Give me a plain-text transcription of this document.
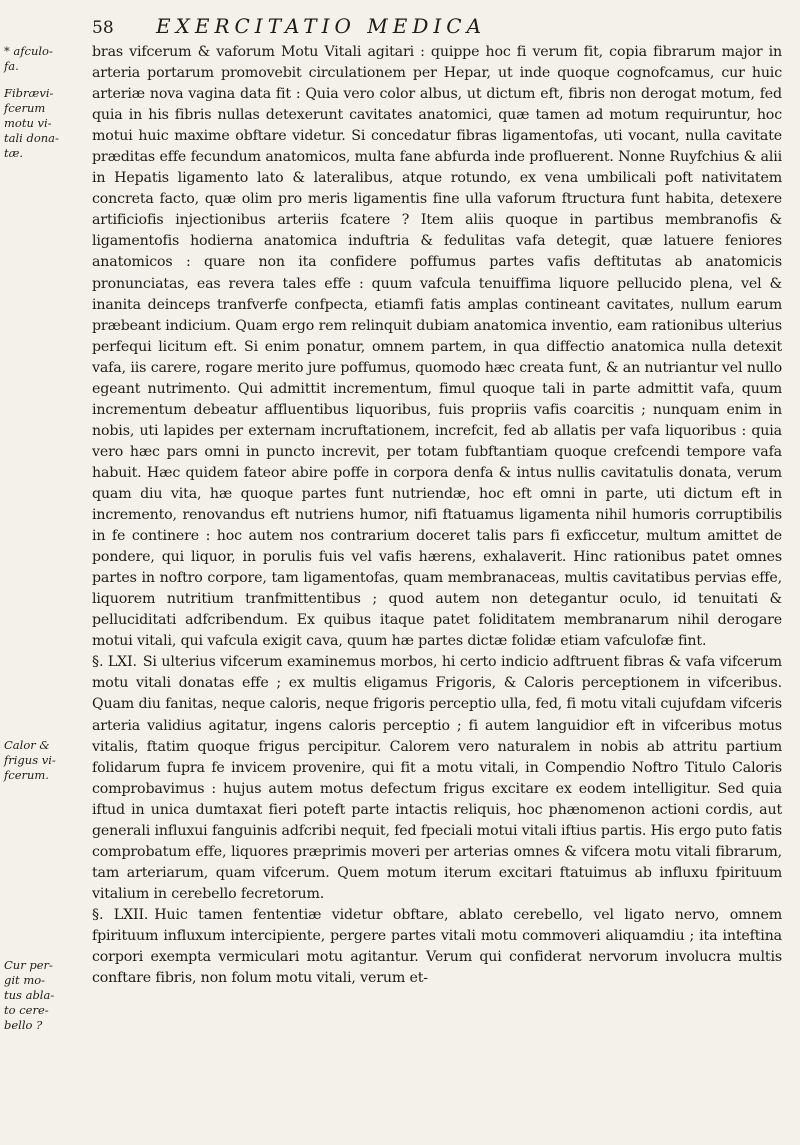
58	EXERCITATIO MEDICA
* afculo-
fa.
Fibrævi-
fcerum
motu vi-
tali dona-
tæ.
Calor &
frigus vi-
fcerum.
Cur per-
git mo-
tus abla-
to cere-
bello ?

bras vifcerum & vaforum Motu Vitali agitari : quippe hoc fi verum fit, copia fibrarum major in arteria portarum promovebit circulationem per Hepar, ut inde quoque cognofcamus, cur huic arteriæ nova vagina data fit : Quia vero color albus, ut dictum eft, fibris non derogat motum, fed quia in his fibris nullas detexerunt cavitates anatomici, quæ tamen ad motum requiruntur, hoc motui huic maxime obftare videtur. Si concedatur fibras ligamentofas, uti vocant, nulla cavitate præditas effe fecundum anatomicos, multa fane abfurda inde profluerent. Nonne Ruyfchius & alii in Hepatis ligamento lato & lateralibus, atque rotundo, ex vena umbilicali poft nativitatem concreta facto, quæ olim pro meris ligamentis fine ulla vaforum ftructura funt habita, detexere artificiofis injectionibus arteriis fcatere ? Item aliis quoque in partibus membranofis & ligamentofis hodierna anatomica induftria & fedulitas vafa detegit, quæ latuere feniores anatomicos : quare non ita confidere poffumus partes vafis deftitutas ab anatomicis pronunciatas, eas revera tales effe : quum vafcula tenuiffima liquore pellucido plena, vel & inanita deinceps tranfverfe confpecta, etiamfi fatis amplas contineant cavitates, nullum earum præbeant indicium. Quam ergo rem relinquit dubiam anatomica inventio, eam rationibus ulterius perfequi licitum eft. Si enim ponatur, omnem partem, in qua diffectio anatomica nulla detexit vafa, iis carere, rogare merito jure poffumus, quomodo hæc creata funt, & an nutriantur vel nullo egeant nutrimento. Qui admittit incrementum, fimul quoque tali in parte admittit vafa, quum incrementum debeatur affluentibus liquoribus, fuis propriis vafis coarcitis ; nunquam enim in nobis, uti lapides per externam incruftationem, increfcit, fed ab allatis per vafa liquoribus : quia vero hæc pars omni in puncto increvit, per totam fubftantiam quoque crefcendi tempore vafa habuit. Hæc quidem fateor abire poffe in corpora denfa & intus nullis cavitatulis donata, verum quam diu vita, hæ quoque partes funt nutriendæ, hoc eft omni in parte, uti dictum eft in incremento, renovandus eft nutriens humor, nifi ftatuamus ligamenta nihil humoris corruptibilis in fe continere : hoc autem nos contrarium doceret talis pars fi exficcetur, multum amittet de pondere, qui liquor, in porulis fuis vel vafis hærens, exhalaverit. Hinc rationibus patet omnes partes in noftro corpore, tam ligamentofas, quam membranaceas, multis cavitatibus pervias effe, liquorem nutritium tranfmittentibus ; quod autem non detegantur oculo, id tenuitati & pelluciditati adfcribendum. Ex quibus itaque patet foliditatem membranarum nihil derogare motui vitali, qui vafcula exigit cava, quum hæ partes dictæ folidæ etiam vafculofæ fint.

§. LXI. Si ulterius vifcerum examinemus morbos, hi certo indicio adftruent fibras & vafa vifcerum motu vitali donatas effe ; ex multis eligamus Frigoris, & Caloris perceptionem in vifceribus. Quam diu fanitas, neque caloris, neque frigoris perceptio ulla, fed, fi motu vitali cujufdam vifceris arteria validius agitatur, ingens caloris perceptio ; fi autem languidior eft in vifceribus motus vitalis, ftatim quoque frigus percipitur. Calorem vero naturalem in nobis ab attritu partium folidarum fupra fe invicem provenire, qui fit a motu vitali, in Compendio Noftro Titulo Caloris comprobavimus : hujus autem motus defectum frigus excitare ex eodem intelligitur. Sed quia iftud in unica dumtaxat fieri poteft parte intactis reliquis, hoc phænomenon actioni cordis, aut generali influxui fanguinis adfcribi nequit, fed fpeciali motui vitali iftius partis. His ergo puto fatis comprobatum effe, liquores præprimis moveri per arterias omnes & vifcera motu vitali fibrarum, tam arteriarum, quam vifcerum. Quem motum iterum excitari ftatuimus ab influxu fpirituum vitalium in cerebello fecretorum.

§. LXII. Huic tamen fententiæ videtur obftare, ablato cerebello, vel ligato nervo, omnem fpirituum influxum intercipiente, pergere partes vitali motu commoveri aliquamdiu ; ita inteftina corpori exempta vermiculari motu agitantur. Verum qui confiderat nervorum involucra multis conftare fibris, non folum motu vitali, verum et-
